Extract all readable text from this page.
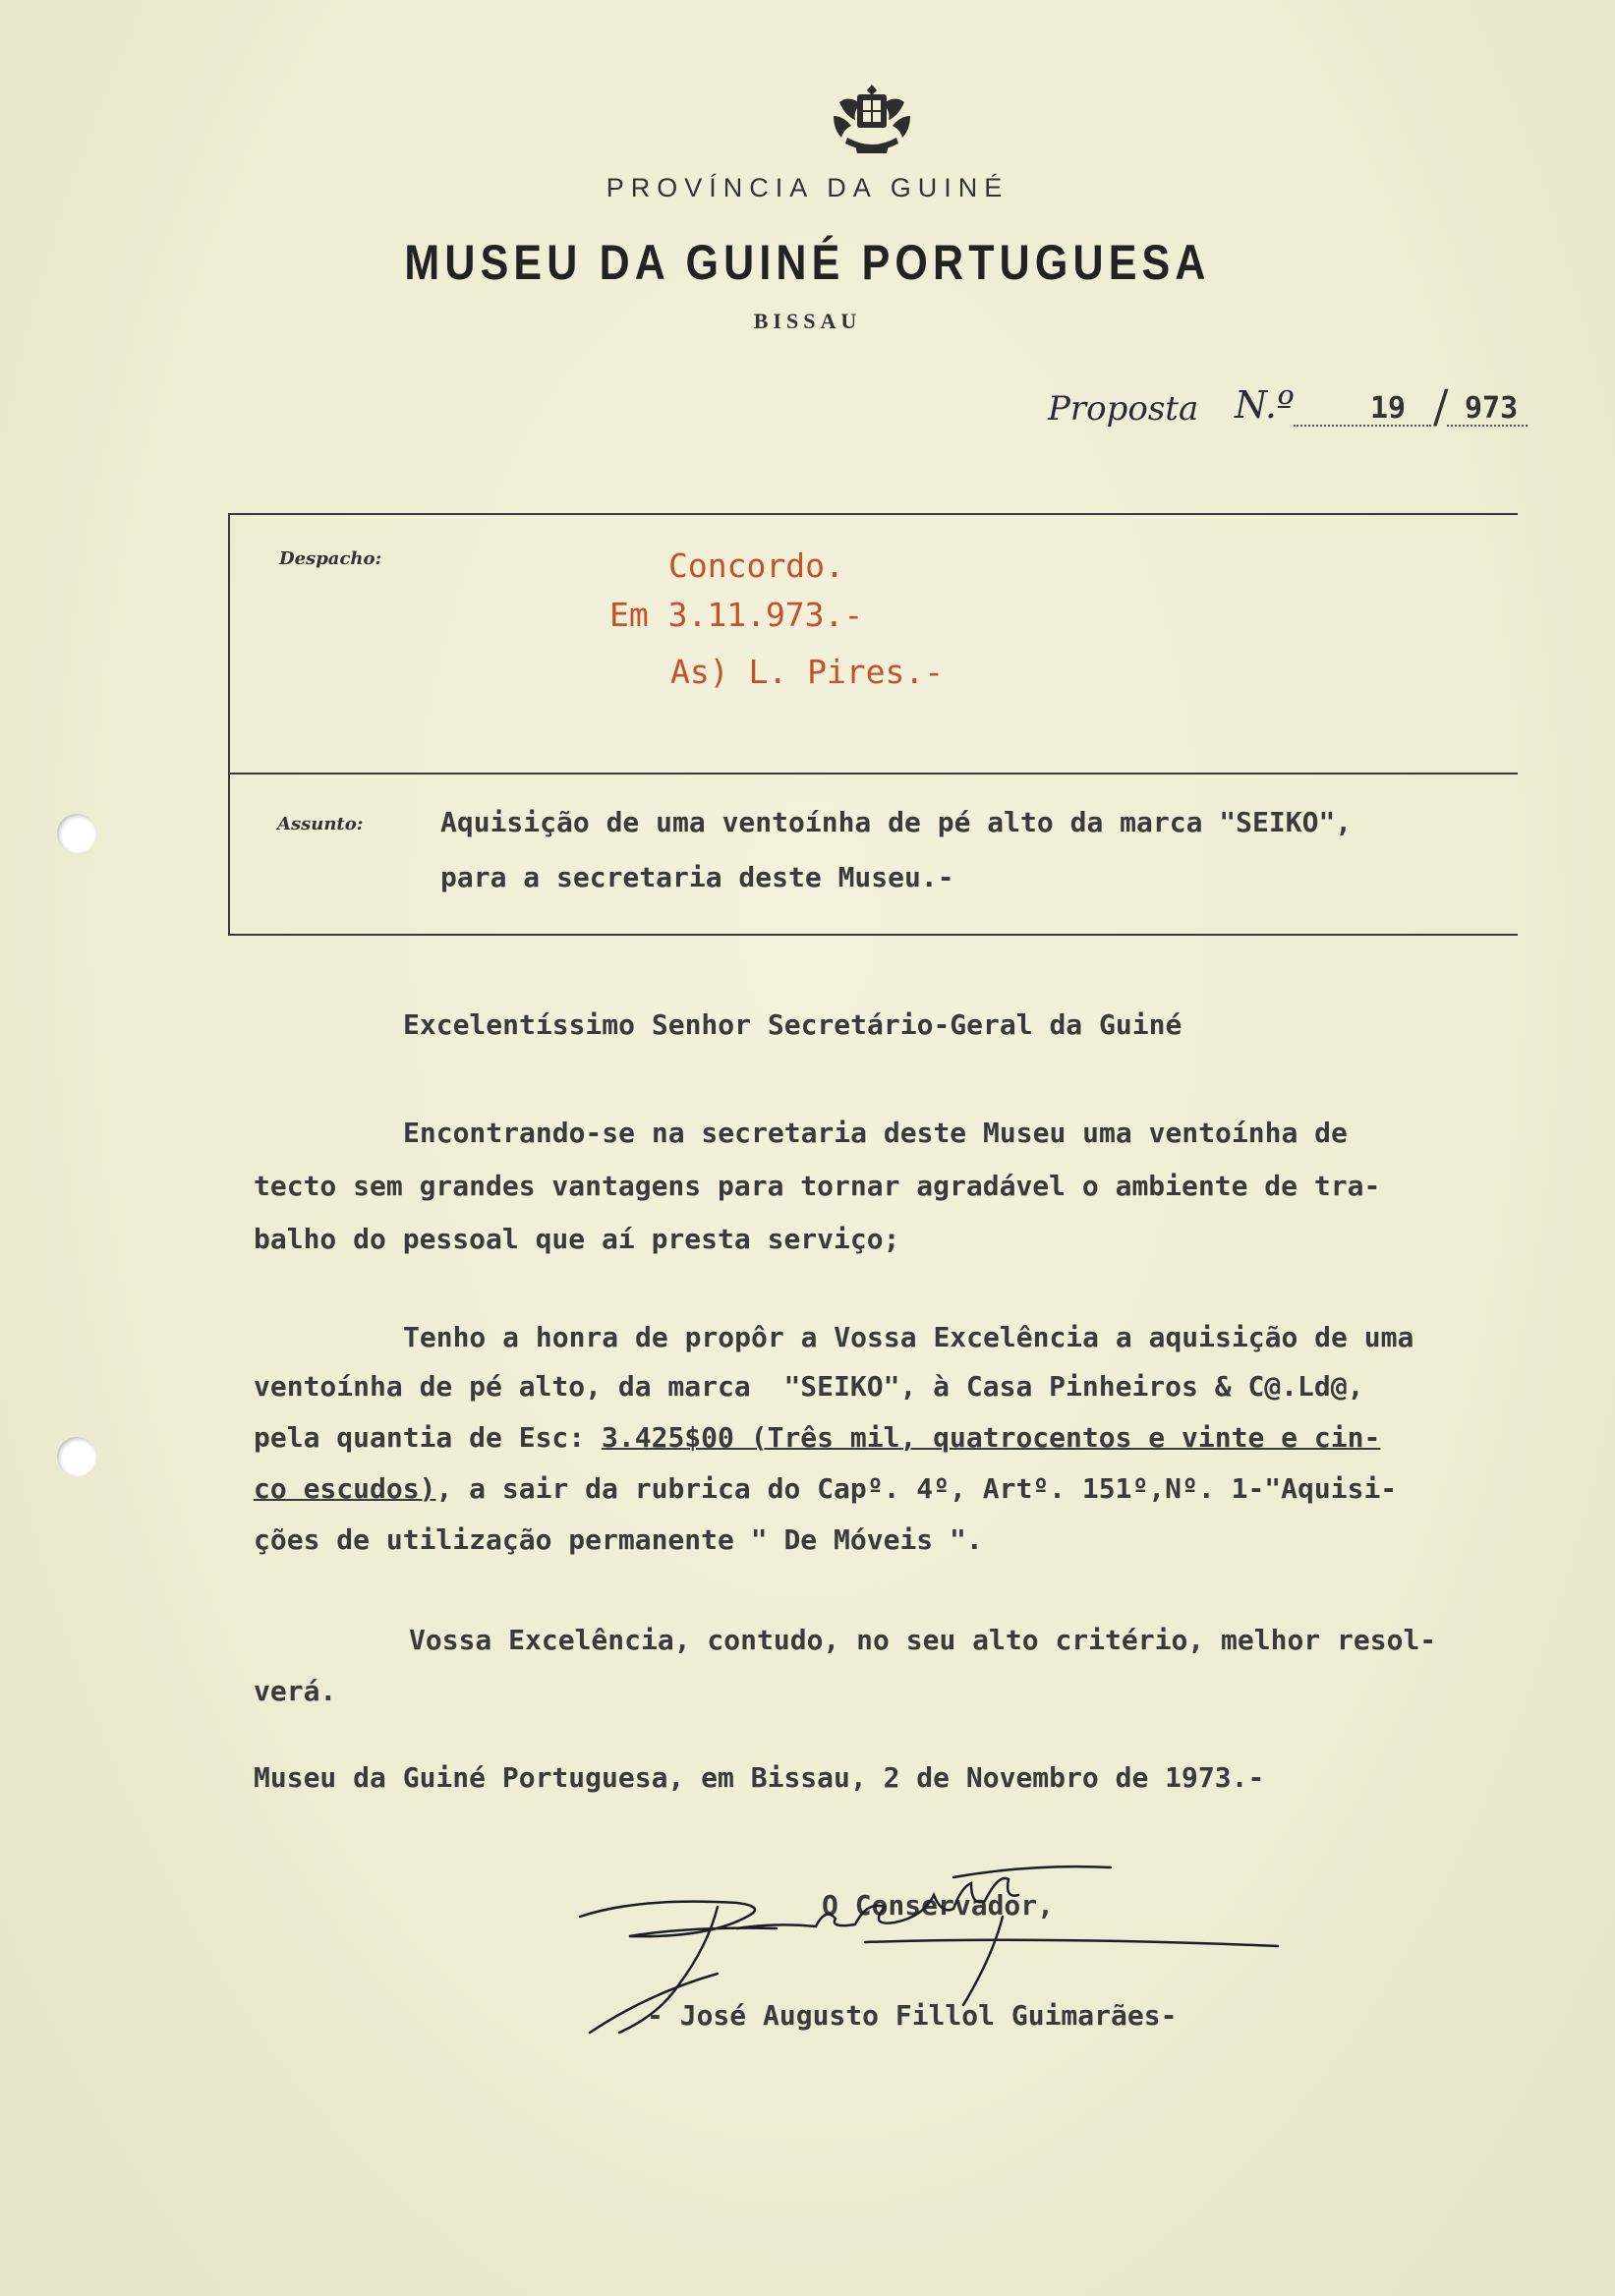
PROVÍNCIA DA GUINÉ
MUSEU DA GUINÉ PORTUGUESA
BISSAU
Proposta N.º	19 / 973
Despacho:	Concordo.
Em 3.11.973.-
As) L. Pires.-
Assunto:	Aquisição de uma ventoínha de pé alto da marca "SEIKO",
para a secretaria deste Museu.-
Excelentíssimo Senhor Secretário-Geral da Guiné
Encontrando-se na secretaria deste Museu uma ventoínha de
tecto sem grandes vantagens para tornar agradável o ambiente de tra-
balho do pessoal que aí presta serviço;
Tenho a honra de propôr a Vossa Excelência a aquisição de uma
ventoínha de pé alto, da marca  "SEIKO", à Casa Pinheiros & C@.Ld@,
pela quantia de Esc: 3.425$00 (Três mil, quatrocentos e vinte e cin-
co escudos), a sair da rubrica do Capº. 4º, Artº. 151º,Nº. 1-"Aquisi-
ções de utilização permanente " De Móveis ".
Vossa Excelência, contudo, no seu alto critério, melhor resol-
verá.
Museu da Guiné Portuguesa, em Bissau, 2 de Novembro de 1973.-
O Conservador,
- José Augusto Fillol Guimarães-
